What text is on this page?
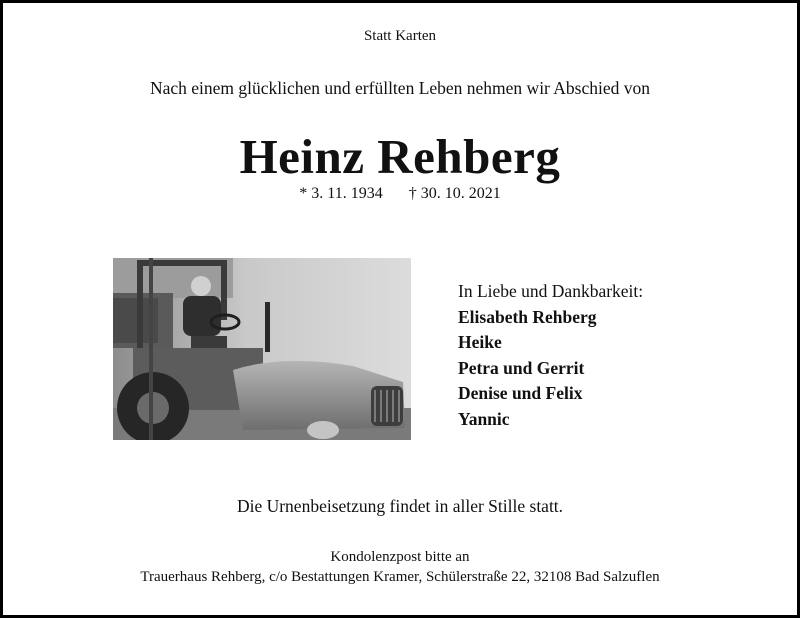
Statt Karten
Nach einem glücklichen und erfüllten Leben nehmen wir Abschied von
Heinz Rehberg
* 3. 11. 1934 † 30. 10. 2021
In Liebe und Dankbarkeit:
Elisabeth Rehberg
Heike
Petra und Gerrit
Denise und Felix
Yannic
Die Urnenbeisetzung findet in aller Stille statt.
Kondolenzpost bitte an
Trauerhaus Rehberg, c/o Bestattungen Kramer, Schülerstraße 22, 32108 Bad Salzuflen
